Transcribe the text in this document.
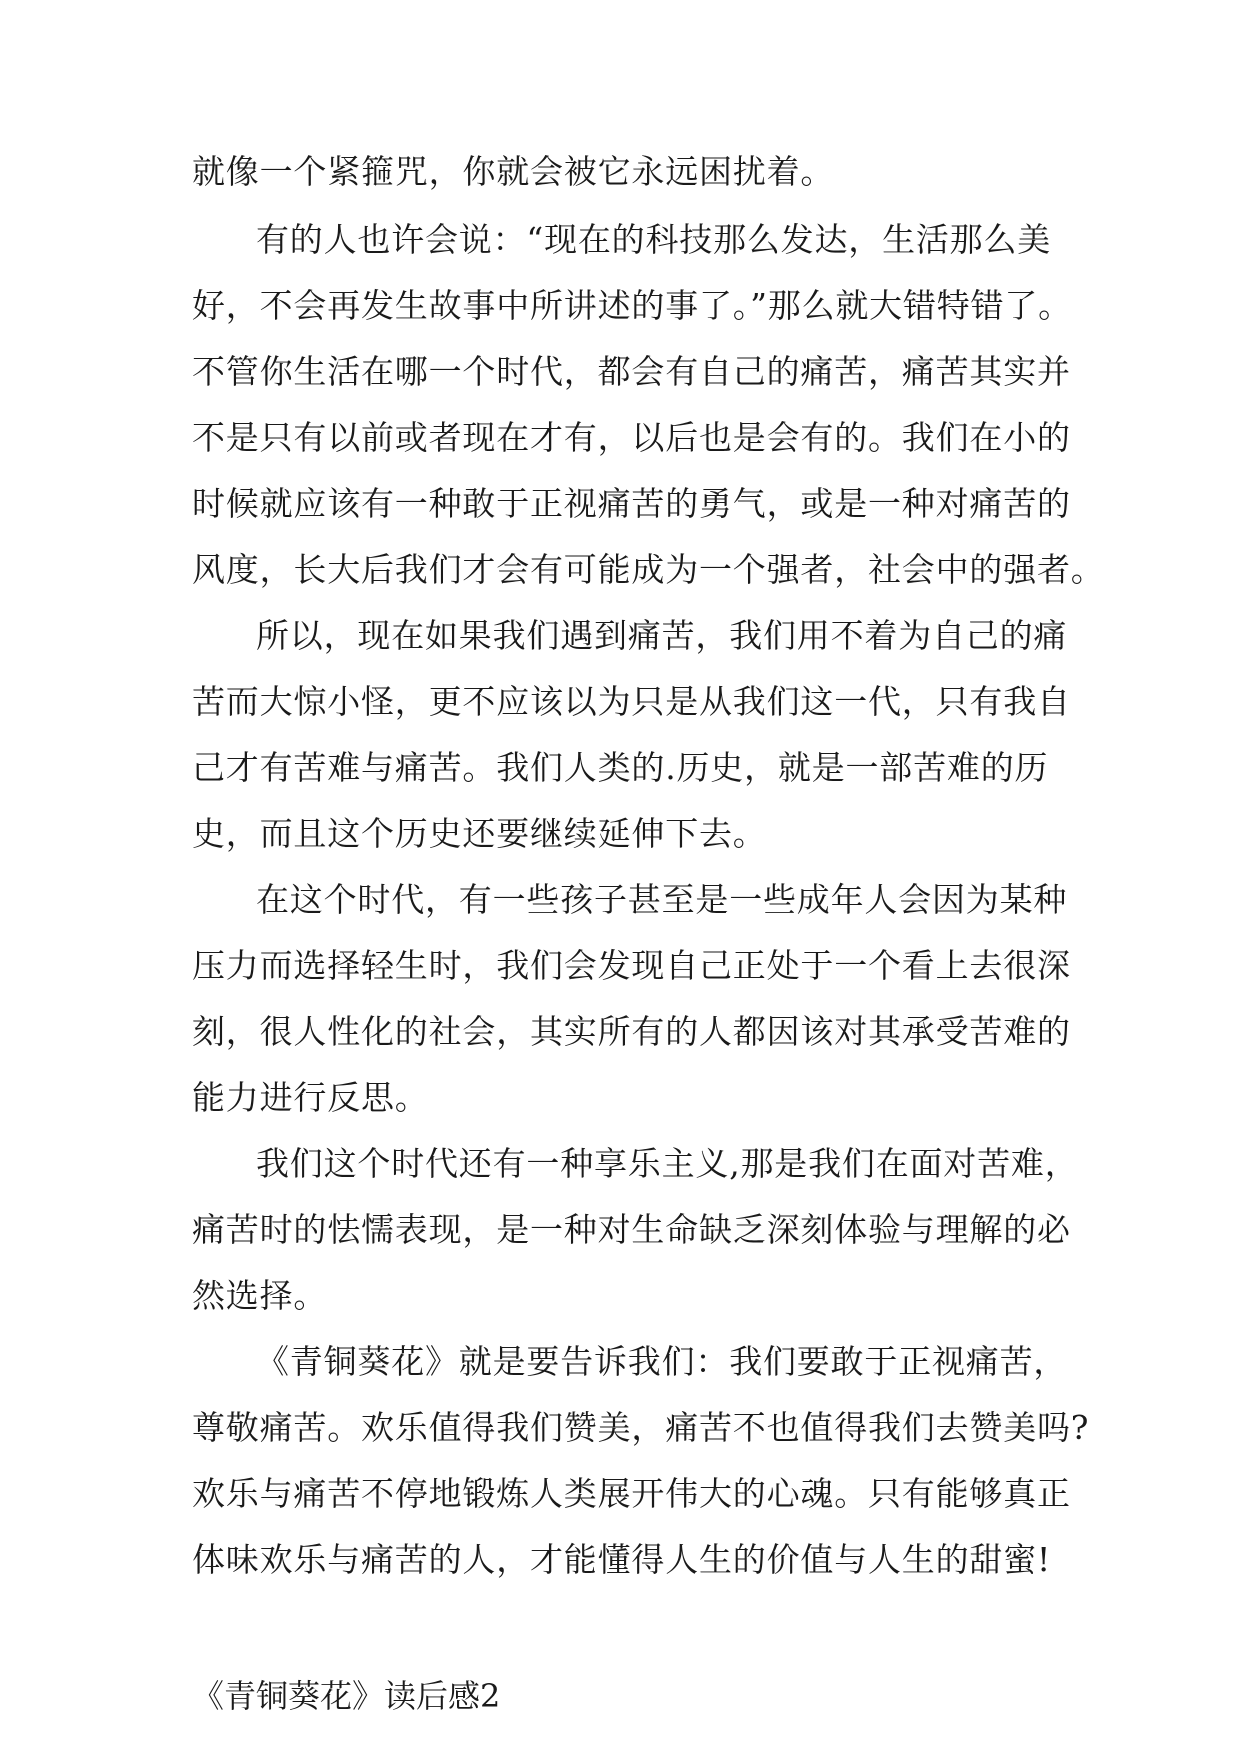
就像一个紧箍咒，你就会被它永远困扰着。
有的人也许会说：“现在的科技那么发达，生活那么美
好，不会再发生故事中所讲述的事了。”那么就大错特错了。
不管你生活在哪一个时代，都会有自己的痛苦，痛苦其实并
不是只有以前或者现在才有，以后也是会有的。我们在小的
时候就应该有一种敢于正视痛苦的勇气，或是一种对痛苦的
风度，长大后我们才会有可能成为一个强者，社会中的强者。
所以，现在如果我们遇到痛苦，我们用不着为自己的痛
苦而大惊小怪，更不应该以为只是从我们这一代，只有我自
己才有苦难与痛苦。我们人类的.历史，就是一部苦难的历
史，而且这个历史还要继续延伸下去。
在这个时代，有一些孩子甚至是一些成年人会因为某种
压力而选择轻生时，我们会发现自己正处于一个看上去很深
刻，很人性化的社会，其实所有的人都因该对其承受苦难的
能力进行反思。
我们这个时代还有一种享乐主义,那是我们在面对苦难，
痛苦时的怯懦表现，是一种对生命缺乏深刻体验与理解的必
然选择。
《青铜葵花》就是要告诉我们：我们要敢于正视痛苦，
尊敬痛苦。欢乐值得我们赞美，痛苦不也值得我们去赞美吗?
欢乐与痛苦不停地锻炼人类展开伟大的心魂。只有能够真正
体味欢乐与痛苦的人，才能懂得人生的价值与人生的甜蜜!
《青铜葵花》读后感2
